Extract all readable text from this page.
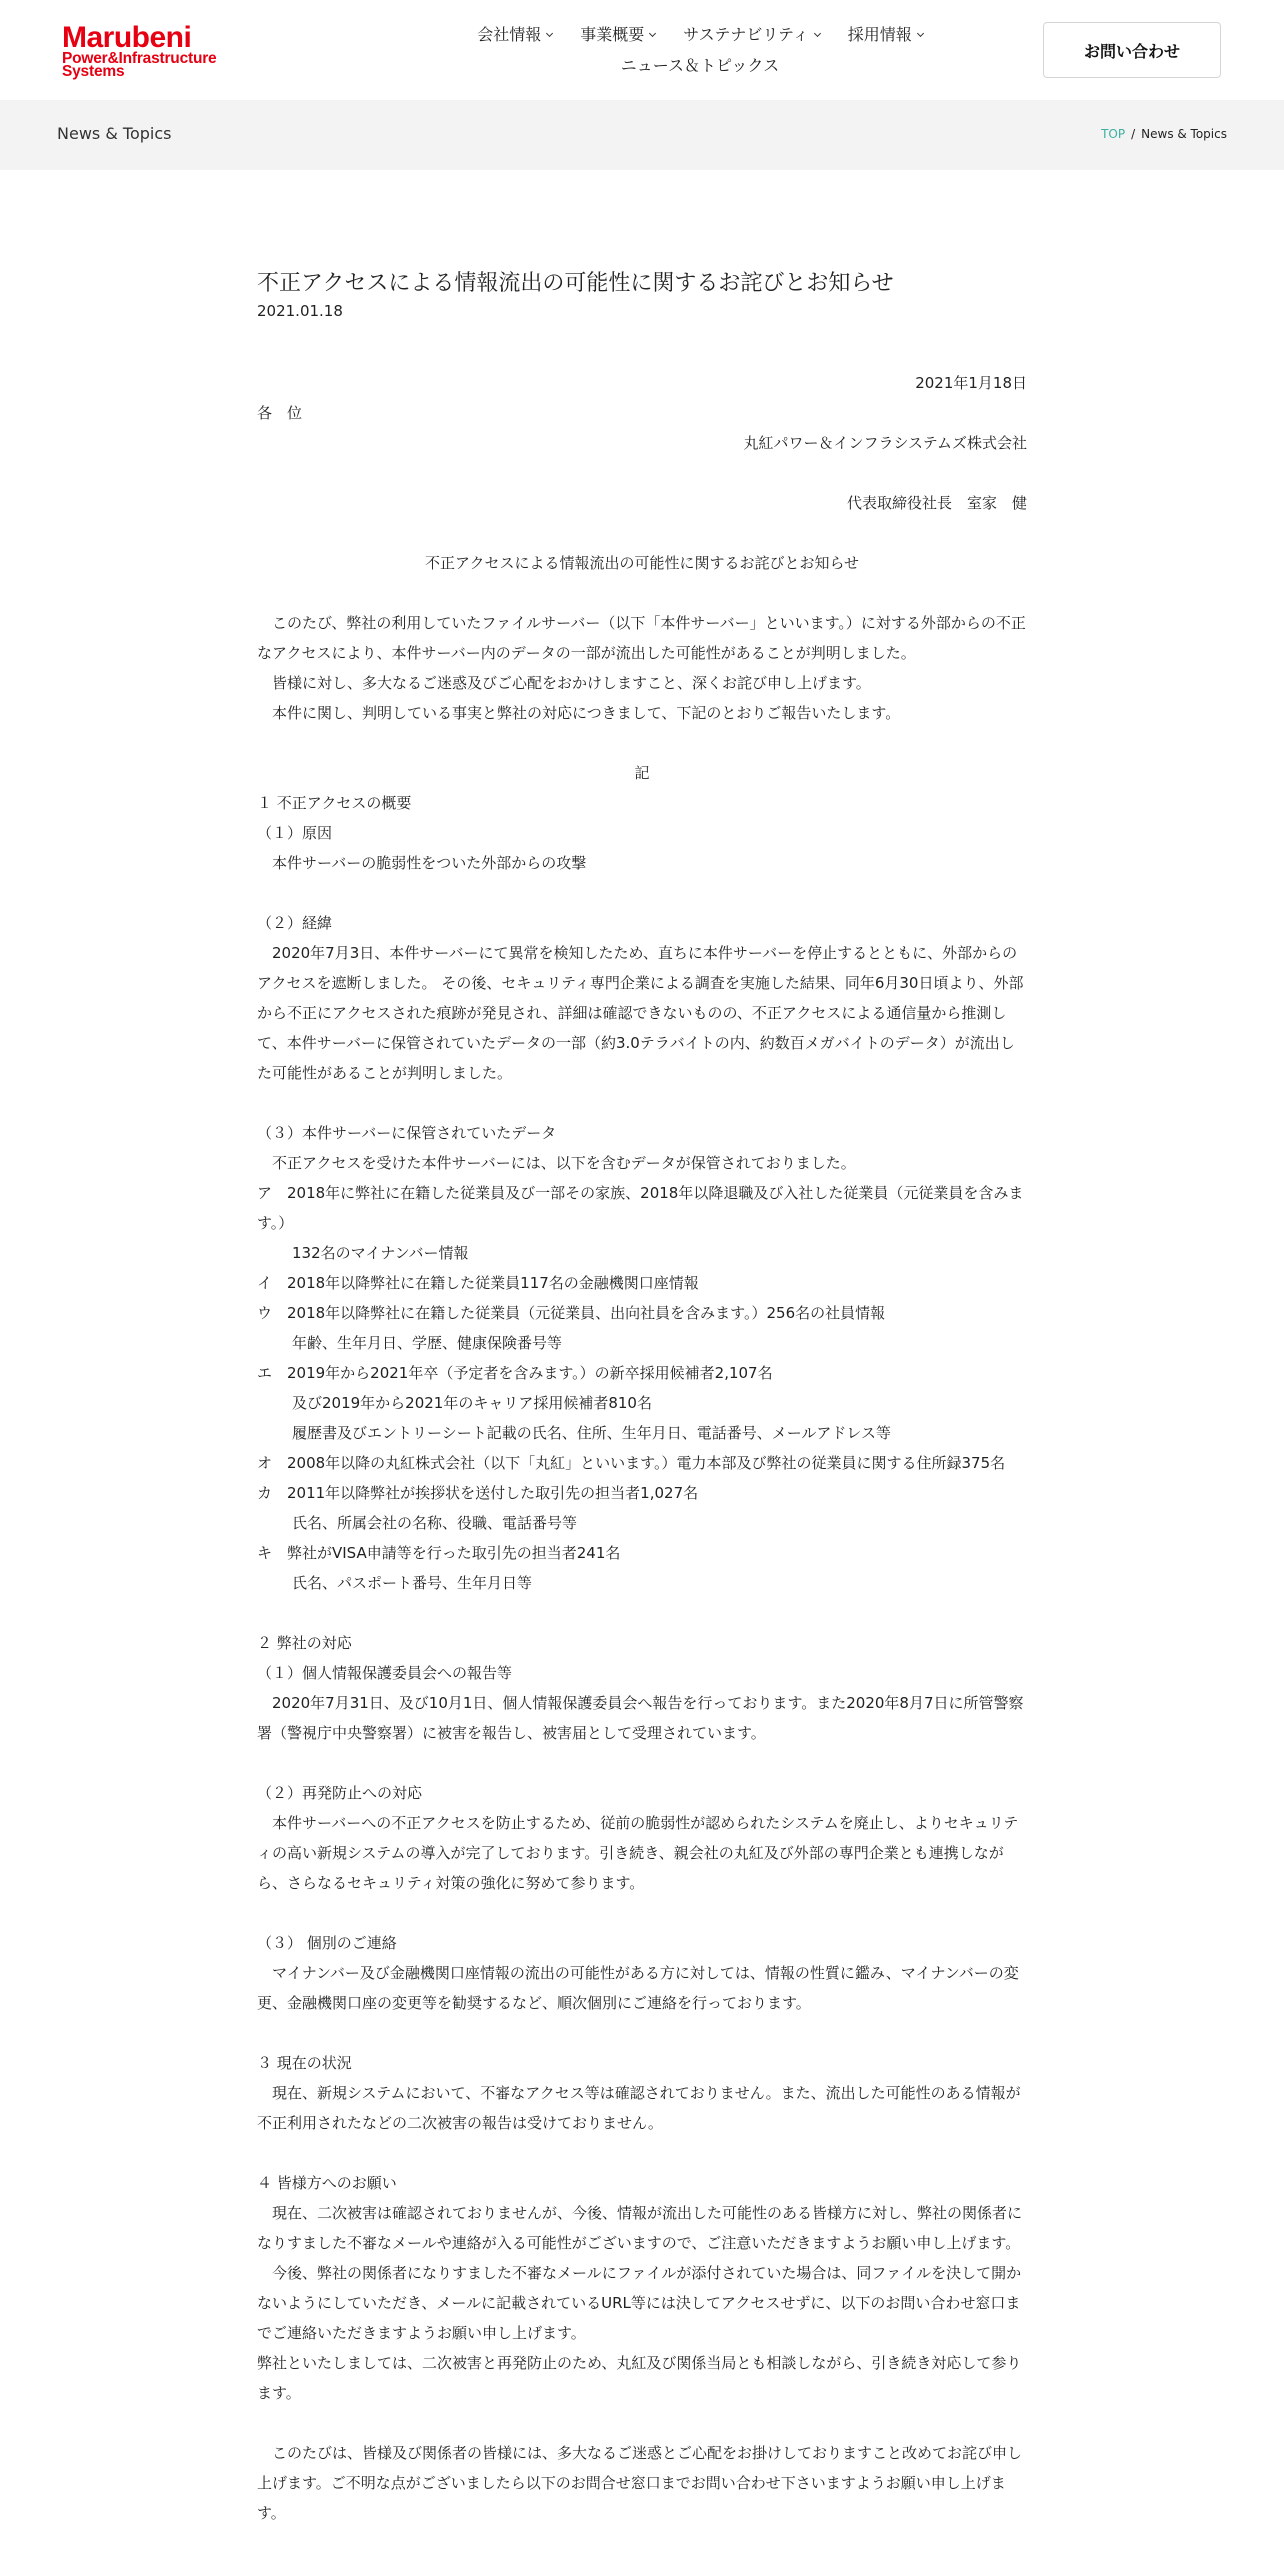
Marubeni
Power&Infrastructure
Systems
会社情報	事業概要	サステナビリティ	採用情報
ニュース＆トピックス
お問い合わせ
News & Topics	TOP / News & Topics
不正アクセスによる情報流出の可能性に関するお詫びとお知らせ
2021.01.18

2021年1月18日

各　位

丸紅パワー＆インフラシステムズ株式会社

代表取締役社長　室家　健

不正アクセスによる情報流出の可能性に関するお詫びとお知らせ

このたび、弊社の利用していたファイルサーバー（以下「本件サーバー」といいます。）に対する外部からの不正なアクセスにより、本件サーバー内のデータの一部が流出した可能性があることが判明しました。

皆様に対し、多大なるご迷惑及びご心配をおかけしますこと、深くお詫び申し上げます。

本件に関し、判明している事実と弊社の対応につきまして、下記のとおりご報告いたします。

記

１ 不正アクセスの概要

（１）原因

本件サーバーの脆弱性をついた外部からの攻撃

（２）経緯

2020年7月3日、本件サーバーにて異常を検知したため、直ちに本件サーバーを停止するとともに、外部からのアクセスを遮断しました。 その後、セキュリティ専門企業による調査を実施した結果、同年6月30日頃より、外部から不正にアクセスされた痕跡が発見され、詳細は確認できないものの、不正アクセスによる通信量から推測して、本件サーバーに保管されていたデータの一部（約3.0テラバイトの内、約数百メガバイトのデータ）が流出した可能性があることが判明しました。

（３）本件サーバーに保管されていたデータ

不正アクセスを受けた本件サーバーには、以下を含むデータが保管されておりました。

ア　2018年に弊社に在籍した従業員及び一部その家族、2018年以降退職及び入社した従業員（元従業員を含みます。）

132名のマイナンバー情報

イ　2018年以降弊社に在籍した従業員117名の金融機関口座情報

ウ　2018年以降弊社に在籍した従業員（元従業員、出向社員を含みます。）256名の社員情報

年齢、生年月日、学歴、健康保険番号等

エ　2019年から2021年卒（予定者を含みます。）の新卒採用候補者2,107名

及び2019年から2021年のキャリア採用候補者810名

履歴書及びエントリーシート記載の氏名、住所、生年月日、電話番号、メールアドレス等

オ　2008年以降の丸紅株式会社（以下「丸紅」といいます。）電力本部及び弊社の従業員に関する住所録375名

カ　2011年以降弊社が挨拶状を送付した取引先の担当者1,027名

氏名、所属会社の名称、役職、電話番号等

キ　弊社がVISA申請等を行った取引先の担当者241名

氏名、パスポート番号、生年月日等

２ 弊社の対応

（１）個人情報保護委員会への報告等

2020年7月31日、及び10月1日、個人情報保護委員会へ報告を行っております。また2020年8月7日に所管警察署（警視庁中央警察署）に被害を報告し、被害届として受理されています。

（２）再発防止への対応

本件サーバーへの不正アクセスを防止するため、従前の脆弱性が認められたシステムを廃止し、よりセキュリティの高い新規システムの導入が完了しております。引き続き、親会社の丸紅及び外部の専門企業とも連携しながら、さらなるセキュリティ対策の強化に努めて参ります。

（３） 個別のご連絡

マイナンバー及び金融機関口座情報の流出の可能性がある方に対しては、情報の性質に鑑み、マイナンバーの変更、金融機関口座の変更等を勧奨するなど、順次個別にご連絡を行っております。

３ 現在の状況

現在、新規システムにおいて、不審なアクセス等は確認されておりません。また、流出した可能性のある情報が不正利用されたなどの二次被害の報告は受けておりません。

４ 皆様方へのお願い

現在、二次被害は確認されておりませんが、今後、情報が流出した可能性のある皆様方に対し、弊社の関係者になりすました不審なメールや連絡が入る可能性がございますので、ご注意いただきますようお願い申し上げます。

今後、弊社の関係者になりすました不審なメールにファイルが添付されていた場合は、同ファイルを決して開かないようにしていただき、メールに記載されているURL等には決してアクセスせずに、以下のお問い合わせ窓口までご連絡いただきますようお願い申し上げます。

弊社といたしましては、二次被害と再発防止のため、丸紅及び関係当局とも相談しながら、引き続き対応して参ります。

このたびは、皆様及び関係者の皆様には、多大なるご迷惑とご心配をお掛けしておりますこと改めてお詫び申し上げます。ご不明な点がございましたら以下のお問合せ窓口までお問い合わせ下さいますようお願い申し上げます。
